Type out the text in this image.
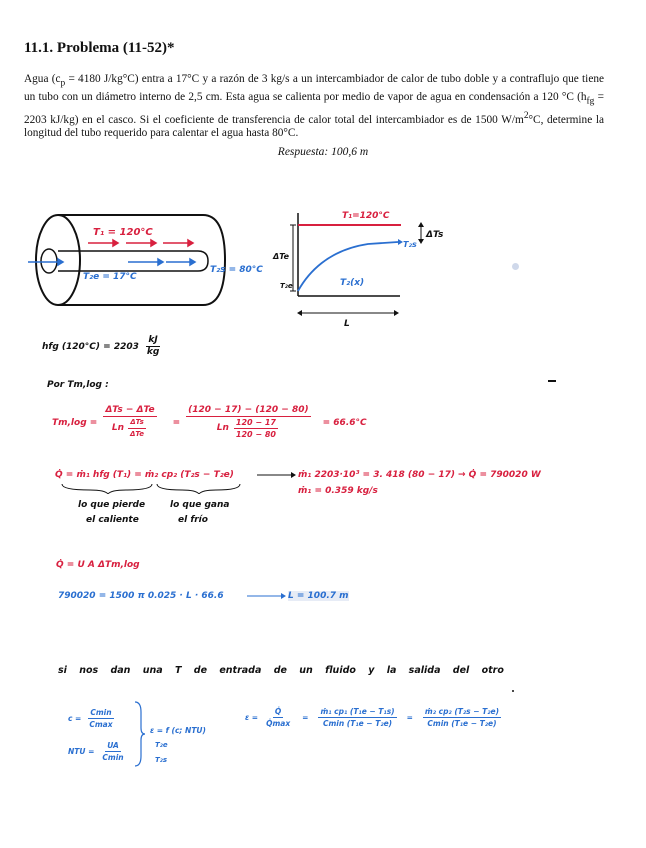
11.1. Problema (11-52)*
Agua ($c_p = 4180$ J/kg°C) entra a 17°C y a razón de 3 kg/s a un intercambiador de calor de tubo doble y a contraflujo que tiene un tubo con un diámetro interno de 2,5 cm. Esta agua se calienta por medio de vapor de agua en condensación a 120 °C ($h_{fg} = 2203$ kJ/kg) en el casco. Si el coeficiente de transferencia de calor total del intercambiador es de 1500 $W/m^2^\circ C$, determine la longitud del tubo requerido para calentar el agua hasta 80°C.
Respuesta: 100,6 m
T₁ = 120°C
T₂e = 17°C
T₂s = 80°C
T₁=120°C
ΔTs
ΔTe
T₂s
T₂e	T₂(x)
L
hfg $(120^\circ C) = 2203 \frac{kJ}{kg}$
Por Tm,log :
$Tm,\log = \frac{\text{ΔTs − ΔTe}}{Ln \frac{\text{ΔTs}}{\text{ΔTe}}} = \frac{(120 - 17) - (120 - 80)}{Ln \frac{120 - 17}{120 - 80}} = 66.6^\circ C$
Q̇ = ṁ₁ hfg (T₁) = ṁ₂ cp₂ (T₂s − T₂e)	ṁ₁ 2203·10³ = 3. 418 (80 − 17) → Q̇ = 790020 W
ṁ₁ = 0.359 kg/s
lo que pierde
el caliente
lo que gana
el frío
Q̇ = U A ΔTm,log
790020 = 1500 π 0.025 · L · 66.6	L = 100.7 m
si nos dan una T de entrada de un fluido y la salida del otro
$c = \frac{Cmin}{Cmax}$
NTU = $\frac{UA}{Cmin}$
ε = f (c; NTU)
T₂e
T₂s
$\varepsilon = \frac{Q̇}{Q̇\max} = \frac{\text{ṁ₁ cp₁ (T₁e − T₁s)}}{\text{Cmin (T₁e − T₂e)}} = \frac{\text{ṁ₂ cp₂ (T₂s − T₂e)}}{\text{Cmin (T₁e − T₂e)}}$
